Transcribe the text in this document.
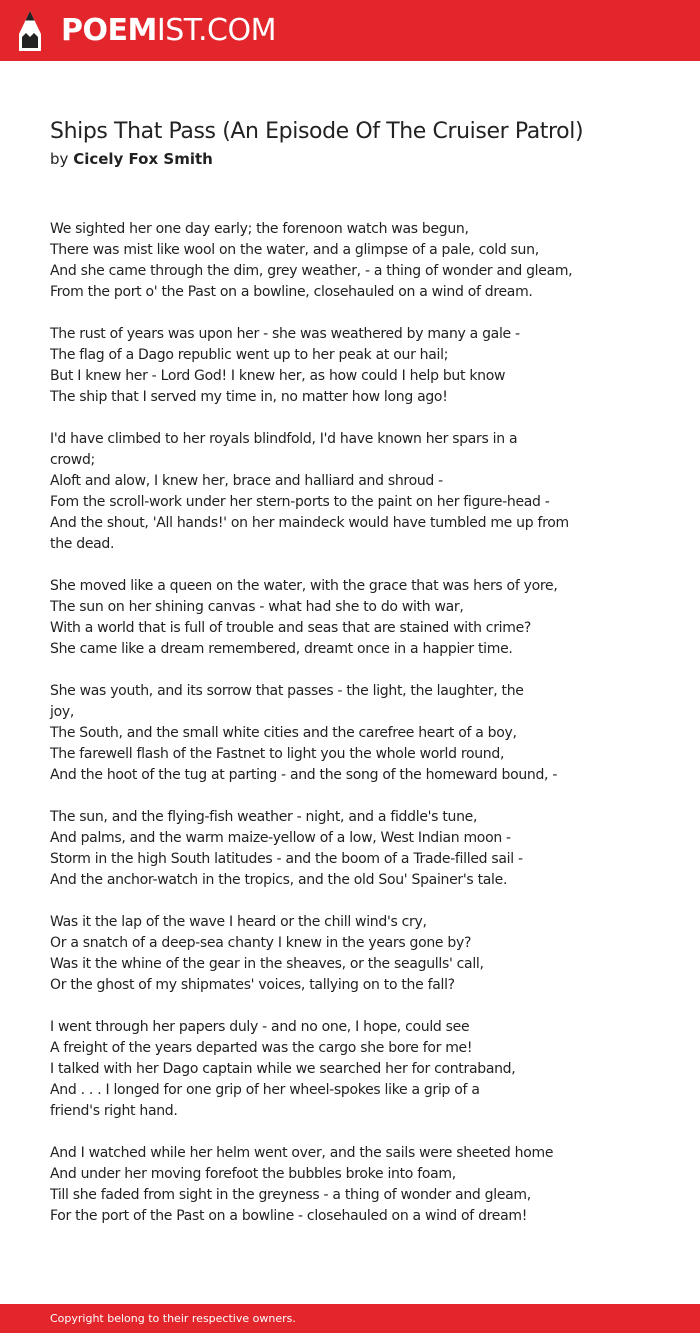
POEMIST.COM
Ships That Pass (An Episode Of The Cruiser Patrol)
by Cicely Fox Smith
We sighted her one day early; the forenoon watch was begun,
There was mist like wool on the water, and a glimpse of a pale, cold sun,
And she came through the dim, grey weather, - a thing of wonder and gleam,
From the port o' the Past on a bowline, closehauled on a wind of dream.
The rust of years was upon her - she was weathered by many a gale -
The flag of a Dago republic went up to her peak at our hail;
But I knew her - Lord God! I knew her, as how could I help but know
The ship that I served my time in, no matter how long ago!
I'd have climbed to her royals blindfold, I'd have known her spars in a
crowd;
Aloft and alow, I knew her, brace and halliard and shroud -
Fom the scroll-work under her stern-ports to the paint on her figure-head -
And the shout, 'All hands!' on her maindeck would have tumbled me up from
the dead.
She moved like a queen on the water, with the grace that was hers of yore,
The sun on her shining canvas - what had she to do with war,
With a world that is full of trouble and seas that are stained with crime?
She came like a dream remembered, dreamt once in a happier time.
She was youth, and its sorrow that passes - the light, the laughter, the
joy,
The South, and the small white cities and the carefree heart of a boy,
The farewell flash of the Fastnet to light you the whole world round,
And the hoot of the tug at parting - and the song of the homeward bound, -
The sun, and the flying-fish weather - night, and a fiddle's tune,
And palms, and the warm maize-yellow of a low, West Indian moon -
Storm in the high South latitudes - and the boom of a Trade-filled sail -
And the anchor-watch in the tropics, and the old Sou' Spainer's tale.
Was it the lap of the wave I heard or the chill wind's cry,
Or a snatch of a deep-sea chanty I knew in the years gone by?
Was it the whine of the gear in the sheaves, or the seagulls' call,
Or the ghost of my shipmates' voices, tallying on to the fall?
I went through her papers duly - and no one, I hope, could see
A freight of the years departed was the cargo she bore for me!
I talked with her Dago captain while we searched her for contraband,
And . . . I longed for one grip of her wheel-spokes like a grip of a
friend's right hand.
And I watched while her helm went over, and the sails were sheeted home
And under her moving forefoot the bubbles broke into foam,
Till she faded from sight in the greyness - a thing of wonder and gleam,
For the port of the Past on a bowline - closehauled on a wind of dream!
Copyright belong to their respective owners.
